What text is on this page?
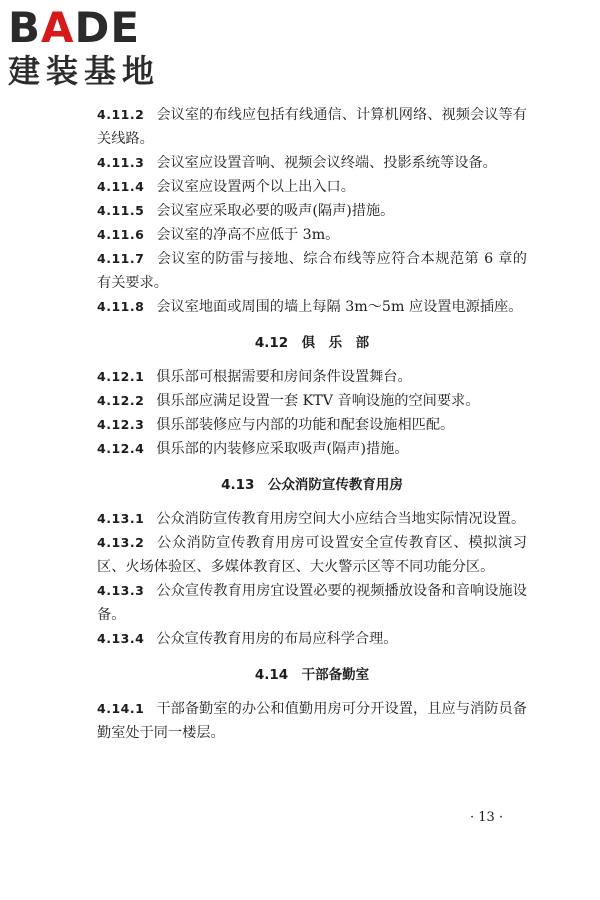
B A DE
建装基地

4.11.2 会议室的布线应包括有线通信、计算机网络、视频会议等有关线路。

4.11.3 会议室应设置音响、视频会议终端、投影系统等设备。

4.11.4 会议室应设置两个以上出入口。

4.11.5 会议室应采取必要的吸声(隔声)措施。

4.11.6 会议室的净高不应低于 3m。

4.11.7 会议室的防雷与接地、综合布线等应符合本规范第 6 章的有关要求。

4.11.8 会议室地面或周围的墙上每隔 3m～5m 应设置电源插座。

4.12　俱　乐　部

4.12.1 俱乐部可根据需要和房间条件设置舞台。

4.12.2 俱乐部应满足设置一套 KTV 音响设施的空间要求。

4.12.3 俱乐部装修应与内部的功能和配套设施相匹配。

4.12.4 俱乐部的内装修应采取吸声(隔声)措施。

4.13　公众消防宣传教育用房

4.13.1 公众消防宣传教育用房空间大小应结合当地实际情况设置。

4.13.2 公众消防宣传教育用房可设置安全宣传教育区、模拟演习区、火场体验区、多媒体教育区、大火警示区等不同功能分区。

4.13.3 公众宣传教育用房宜设置必要的视频播放设备和音响设施设备。

4.13.4 公众宣传教育用房的布局应科学合理。

4.14　干部备勤室

4.14.1 干部备勤室的办公和值勤用房可分开设置，且应与消防员备勤室处于同一楼层。

· 13 ·
